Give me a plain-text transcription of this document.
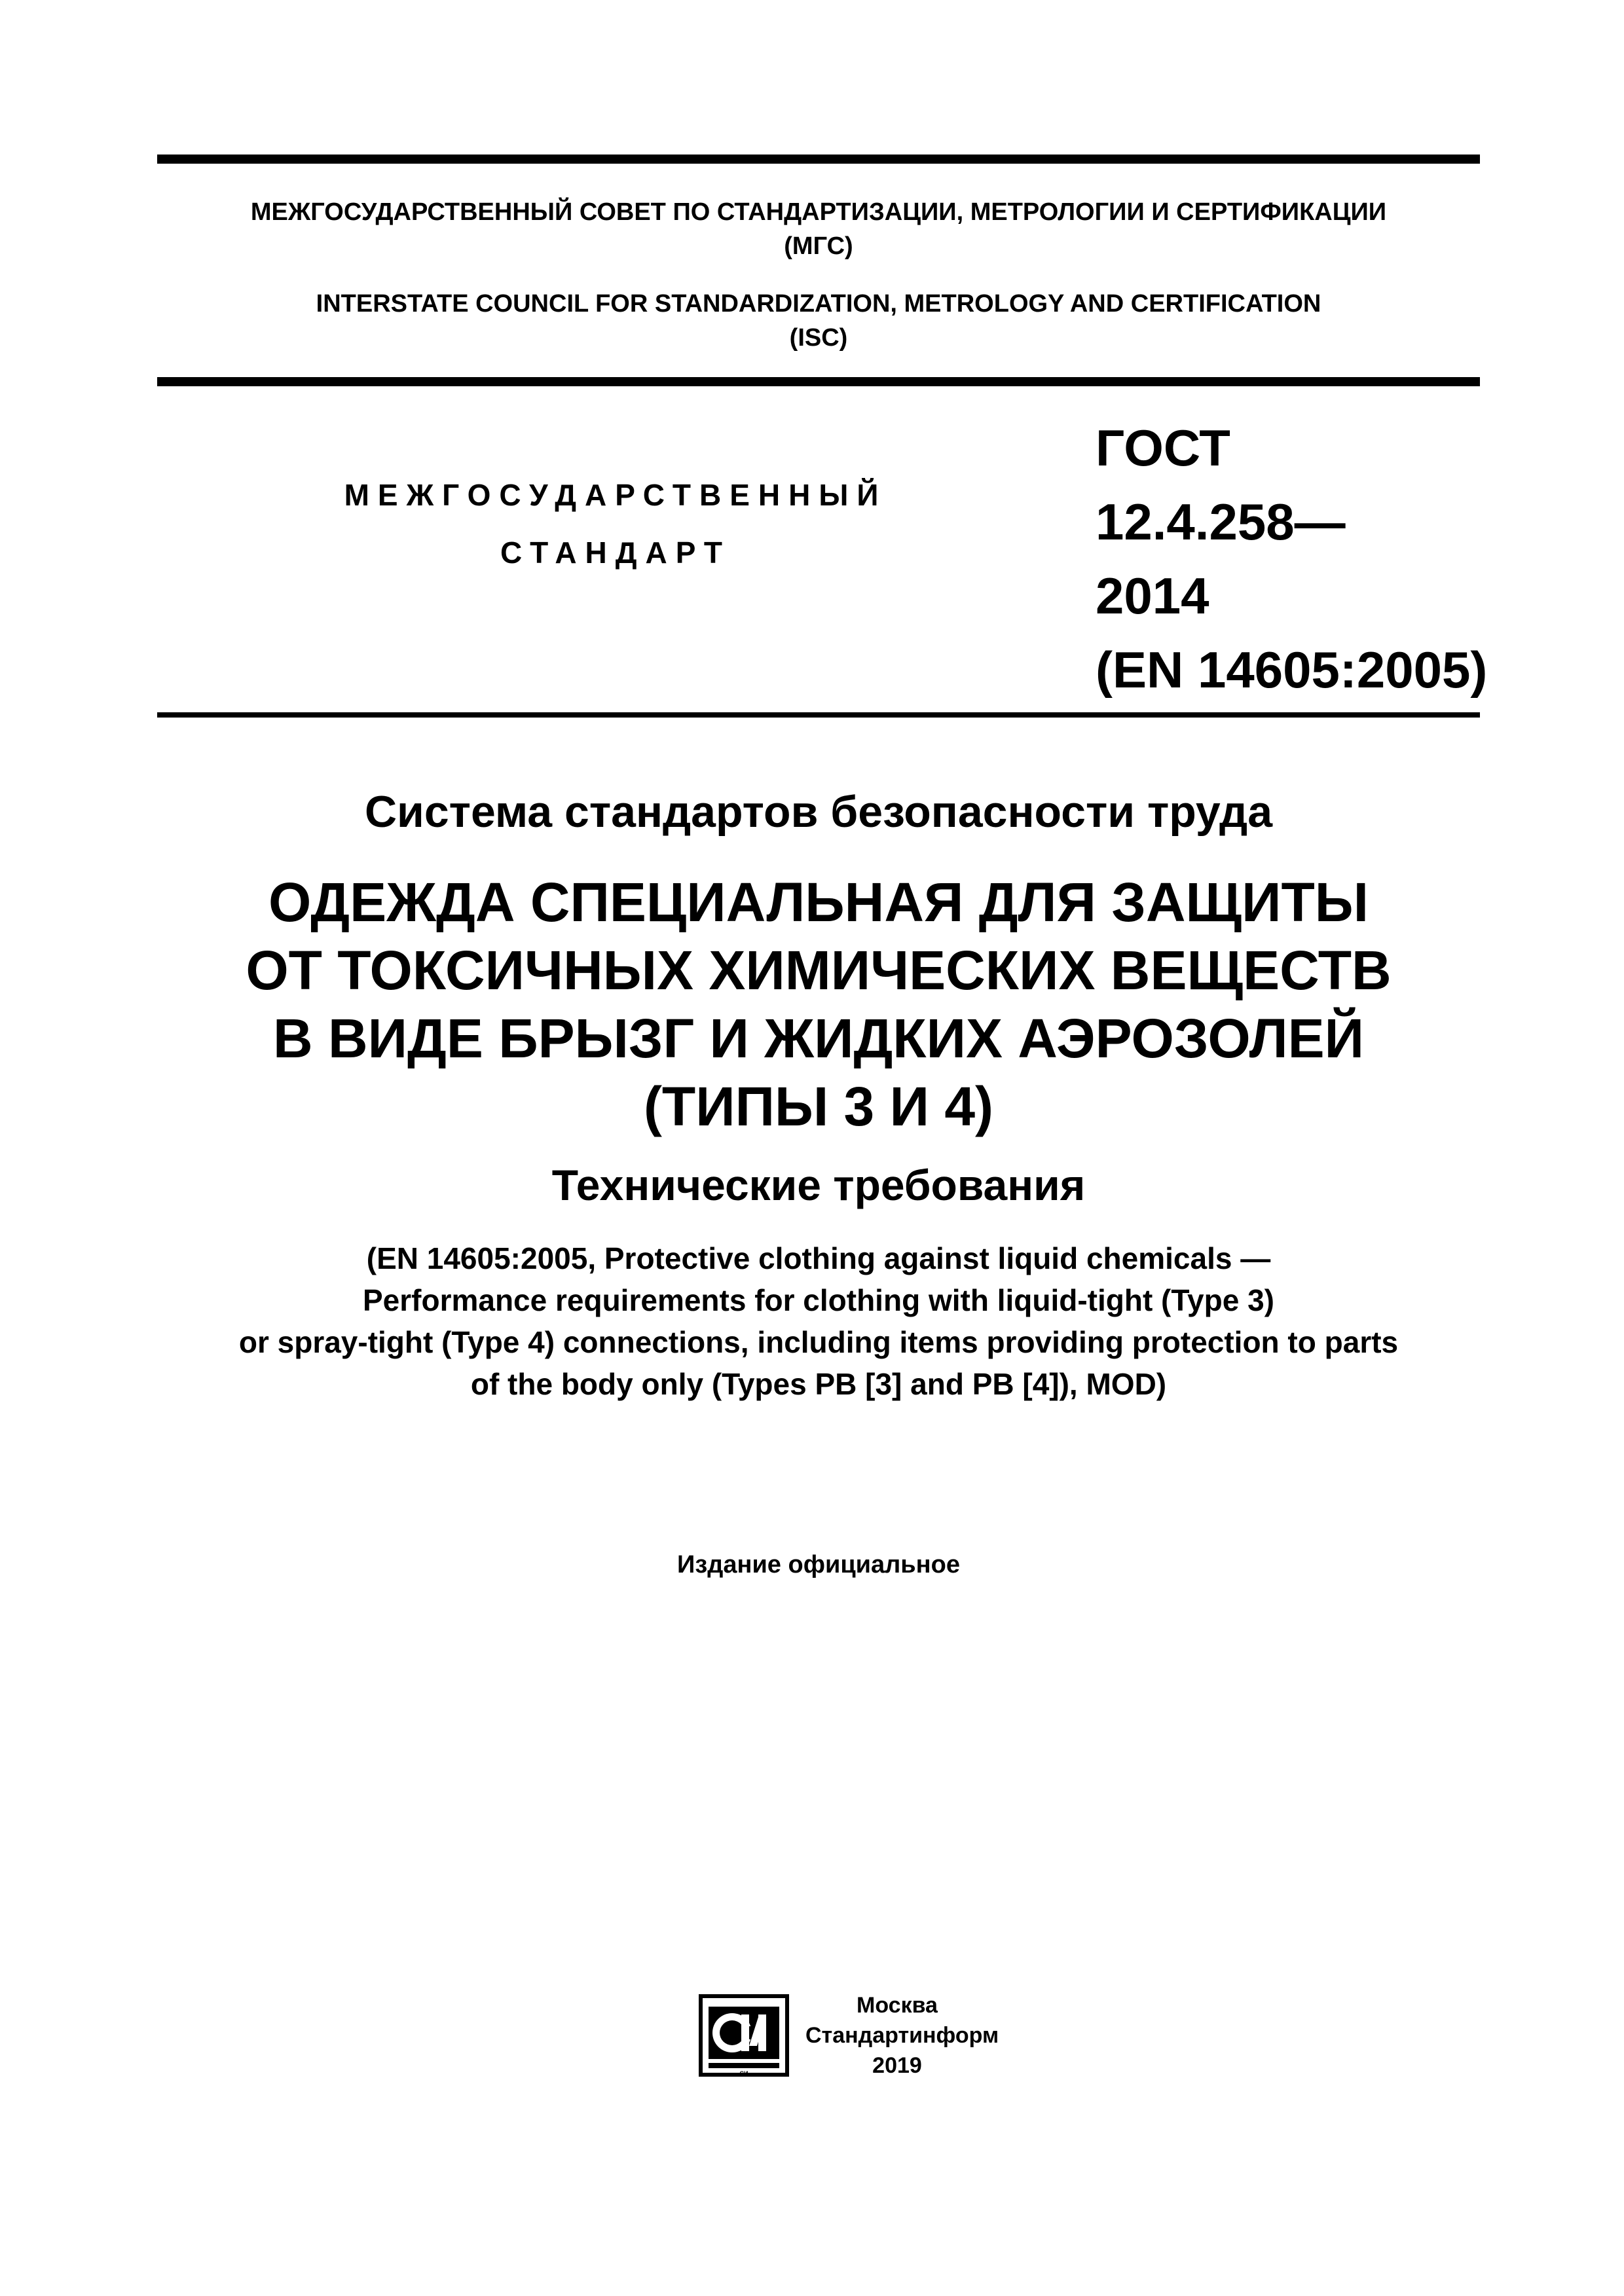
МЕЖГОСУДАРСТВЕННЫЙ СОВЕТ ПО СТАНДАРТИЗАЦИИ, МЕТРОЛОГИИ И СЕРТИФИКАЦИИ
(МГС)
INTERSTATE COUNCIL FOR STANDARDIZATION, METROLOGY AND CERTIFICATION
(ISC)
МЕЖГОСУДАРСТВЕННЫЙ
СТАНДАРТ
ГОСТ
12.4.258—
2014
(EN 14605:2005)
Система стандартов безопасности труда
ОДЕЖДА СПЕЦИАЛЬНАЯ ДЛЯ ЗАЩИТЫ
ОТ ТОКСИЧНЫХ ХИМИЧЕСКИХ ВЕЩЕСТВ
В ВИДЕ БРЫЗГ И ЖИДКИХ АЭРОЗОЛЕЙ
(ТИПЫ 3 И 4)
Технические требования
(EN 14605:2005, Protective clothing against liquid chemicals —
Performance requirements for clothing with liquid-tight (Type 3)
or spray-tight (Type 4) connections, including items providing protection to parts
of the body only (Types PB [3] and PB [4]), MOD)
Издание официальное
СИ
Москва
Стандартинформ
2019
